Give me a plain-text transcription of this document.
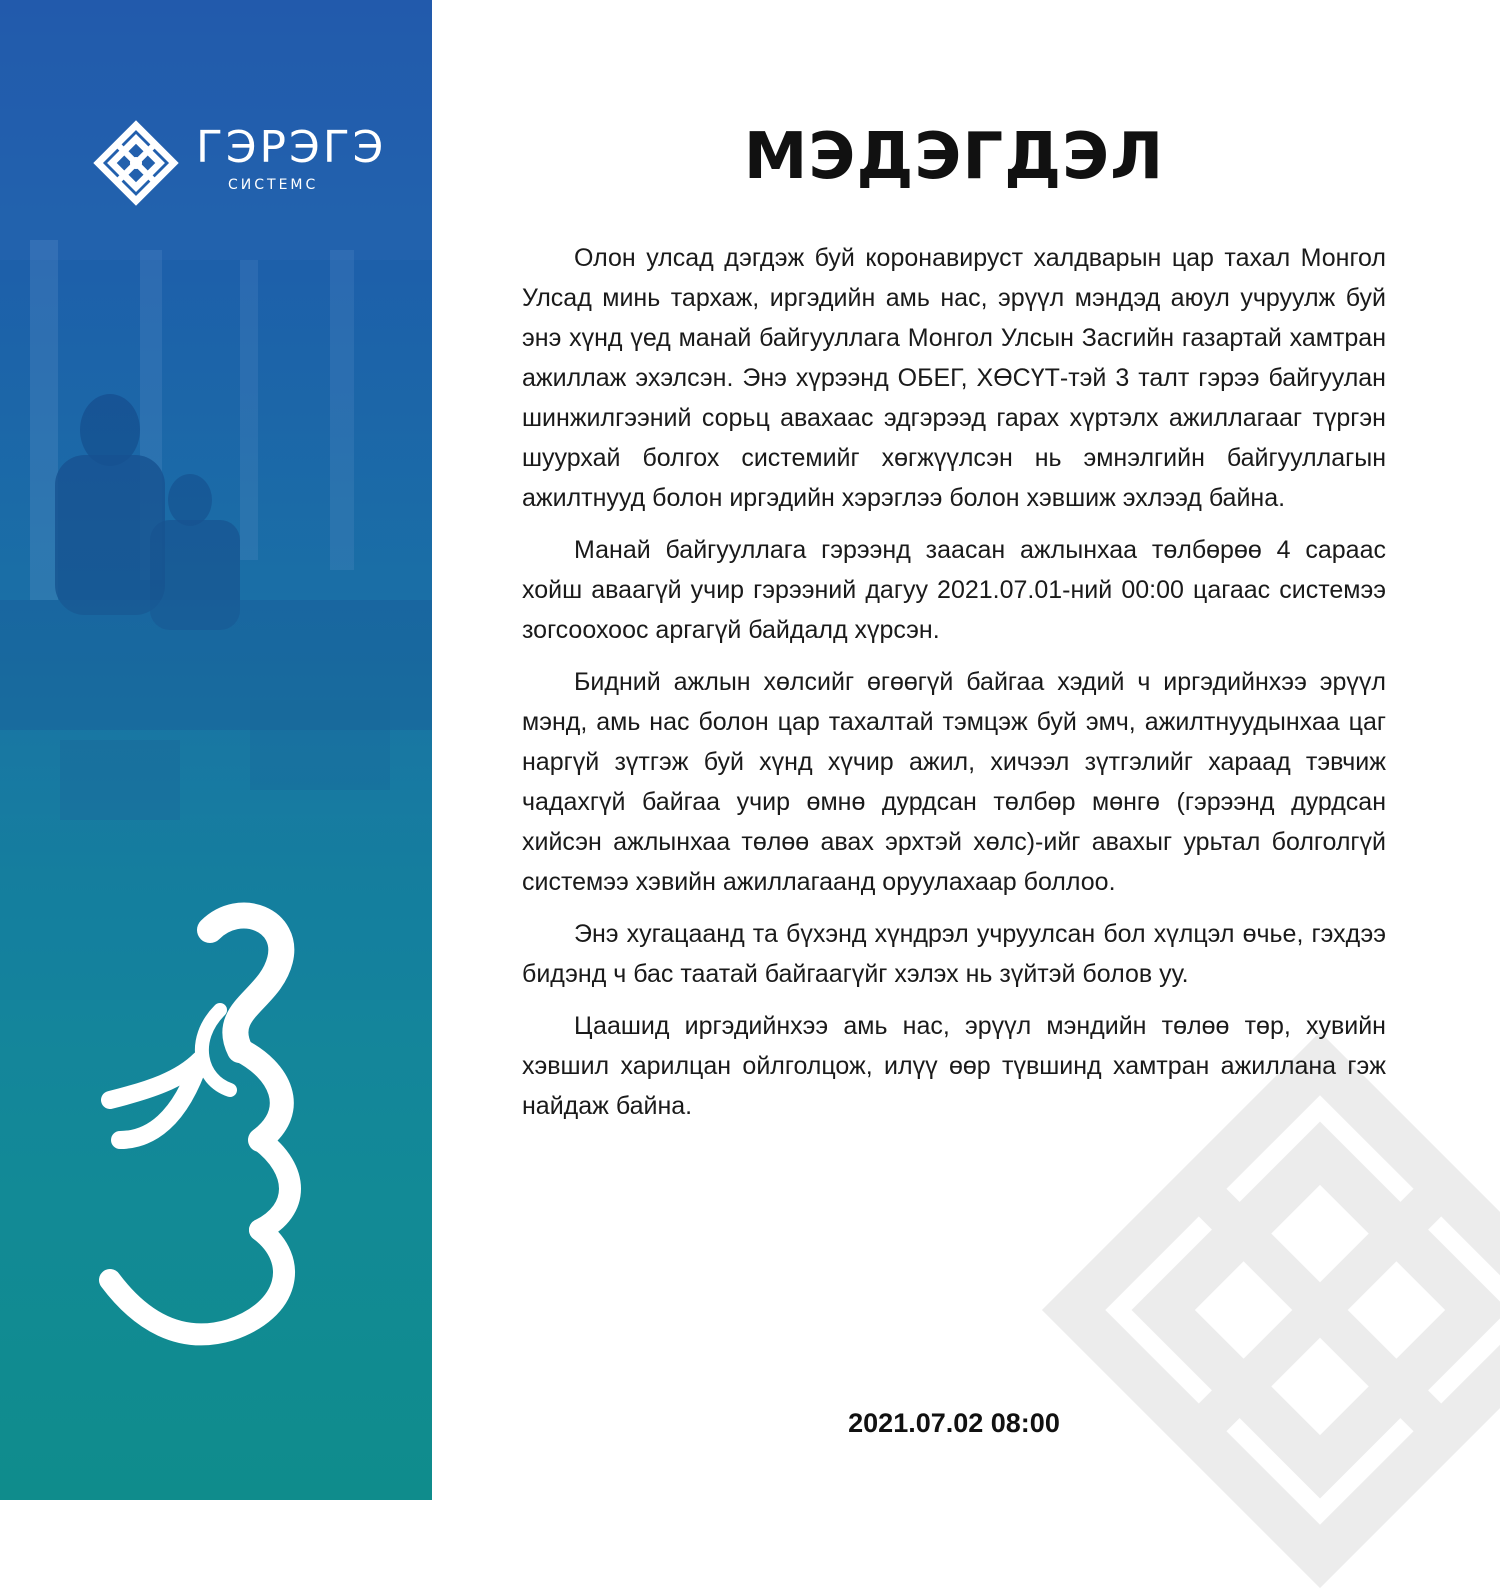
ГЭРЭГЭ
СИСТЕМС	МЭДЭГДЭЛ

Олон улсад дэгдэж буй коронавируст халдварын цар тахал Монгол Улсад минь тархаж, иргэдийн амь нас, эрүүл мэндэд аюул учруулж буй энэ хүнд үед манай байгууллага Монгол Улсын Засгийн газартай хамтран ажиллаж эхэлсэн. Энэ хүрээнд ОБЕГ, ХӨСҮТ-тэй 3 талт гэрээ байгуулан шинжилгээний сорьц авахаас эдгэрээд гарах хүртэлх ажиллагааг түргэн шуурхай болгох системийг хөгжүүлсэн нь эмнэлгийн байгууллагын ажилтнууд болон иргэдийн хэрэглээ болон хэвшиж эхлээд байна.

Манай байгууллага гэрээнд заасан ажлынхаа төлбөрөө 4 сараас хойш аваагүй учир гэрээний дагуу 2021.07.01-ний 00:00 цагаас системээ зогсоохоос аргагүй байдалд хүрсэн.

Бидний ажлын хөлсийг өгөөгүй байгаа хэдий ч иргэдийнхээ эрүүл мэнд, амь нас болон цар тахалтай тэмцэж буй эмч, ажилтнуудынхаа цаг наргүй зүтгэж буй хүнд хүчир ажил, хичээл зүтгэлийг хараад тэвчиж чадахгүй байгаа учир өмнө дурдсан төлбөр мөнгө (гэрээнд дурдсан хийсэн ажлынхаа төлөө авах эрхтэй хөлс)-ийг авахыг урьтал болголгүй системээ хэвийн ажиллагаанд оруулахаар боллоо.

Энэ хугацаанд та бүхэнд хүндрэл учруулсан бол хүлцэл өчье, гэхдээ бидэнд ч бас таатай байгаагүйг хэлэх нь зүйтэй болов уу.

Цаашид иргэдийнхээ амь нас, эрүүл мэндийн төлөө төр, хувийн хэвшил харилцан ойлголцож, илүү өөр түвшинд хамтран ажиллана гэж найдаж байна.

2021.07.02 08:00
